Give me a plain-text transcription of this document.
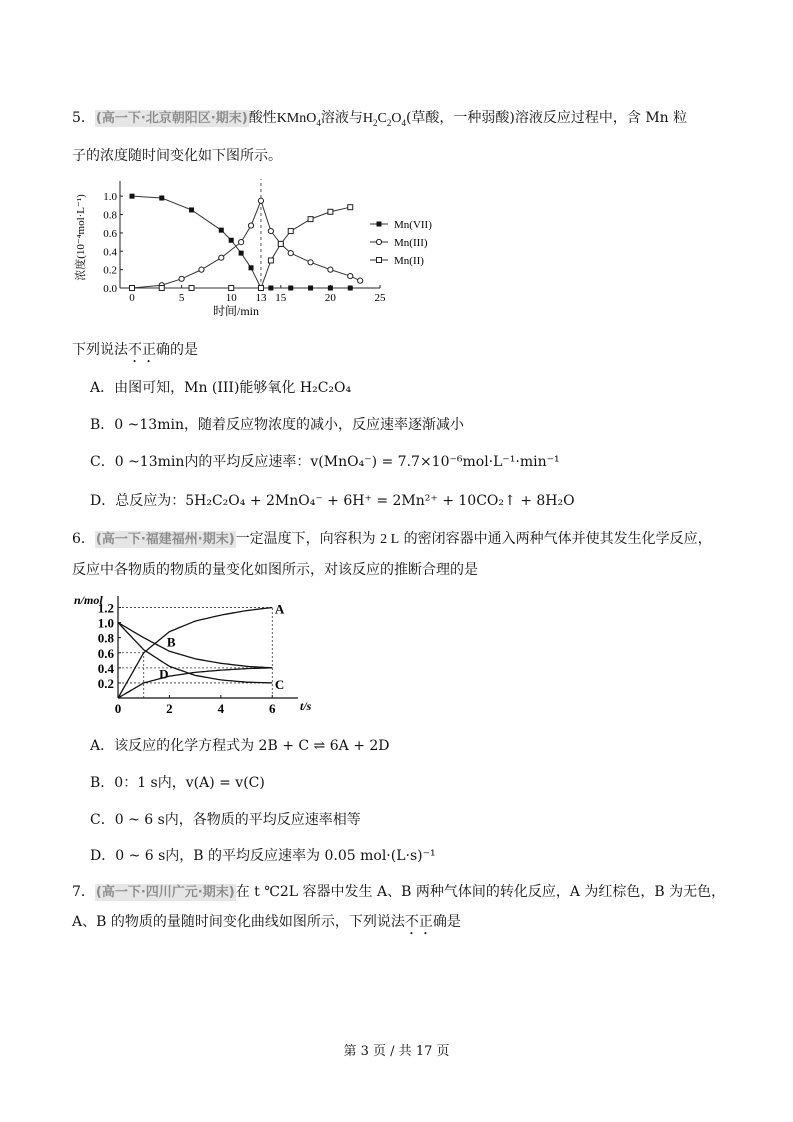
5．(高一下·北京朝阳区·期末)酸性KMnO$_4$溶液与$H_2C_2O_4$(草酸，一种弱酸)溶液反应过程中，含 Mn 粒
子的浓度随时间变化如下图所示。
0	5	10 13 15	20	25
0.0
0.2
0.4
0.6
0.8
1.0
时间/min
浓度(10⁻⁴mol·L⁻¹)	Mn(VII)
Mn(III)
Mn(II)
下列说法不正确的是
A．由图可知，Mn (III)能够氧化 H₂C₂O₄
B．0 ~13min，随着反应物浓度的减小，反应速率逐渐减小
C．0 ~13min内的平均反应速率：v(MnO₄⁻) = 7.7×10⁻⁶mol·L⁻¹·min⁻¹
D．总反应为：5H₂C₂O₄ + 2MnO₄⁻ + 6H⁺ = 2Mn²⁺ + 10CO₂↑ + 8H₂O
6．(高一下·福建福州·期末)一定温度下，向容积为 2 L 的密闭容器中通入两种气体并使其发生化学反应，
反应中各物质的物质的量变化如图所示，对该反应的推断合理的是
n/mol
t/s
0	2	4	6
0.2
0.4
0.6
0.8
1.0
1.2	A
B
C
D
A．该反应的化学方程式为 2B + C ⇌ 6A + 2D
B．0：1 s内，v(A) = v(C)
C．0 ~ 6 s内，各物质的平均反应速率相等
D．0 ~ 6 s内，B 的平均反应速率为 0.05 mol·(L·s)⁻¹
7．(高一下·四川广元·期末)在 t ℃2L 容器中发生 A、B 两种气体间的转化反应，A 为红棕色，B 为无色，
A、B 的物质的量随时间变化曲线如图所示，下列说法不正确是
第 3 页 / 共 17 页
